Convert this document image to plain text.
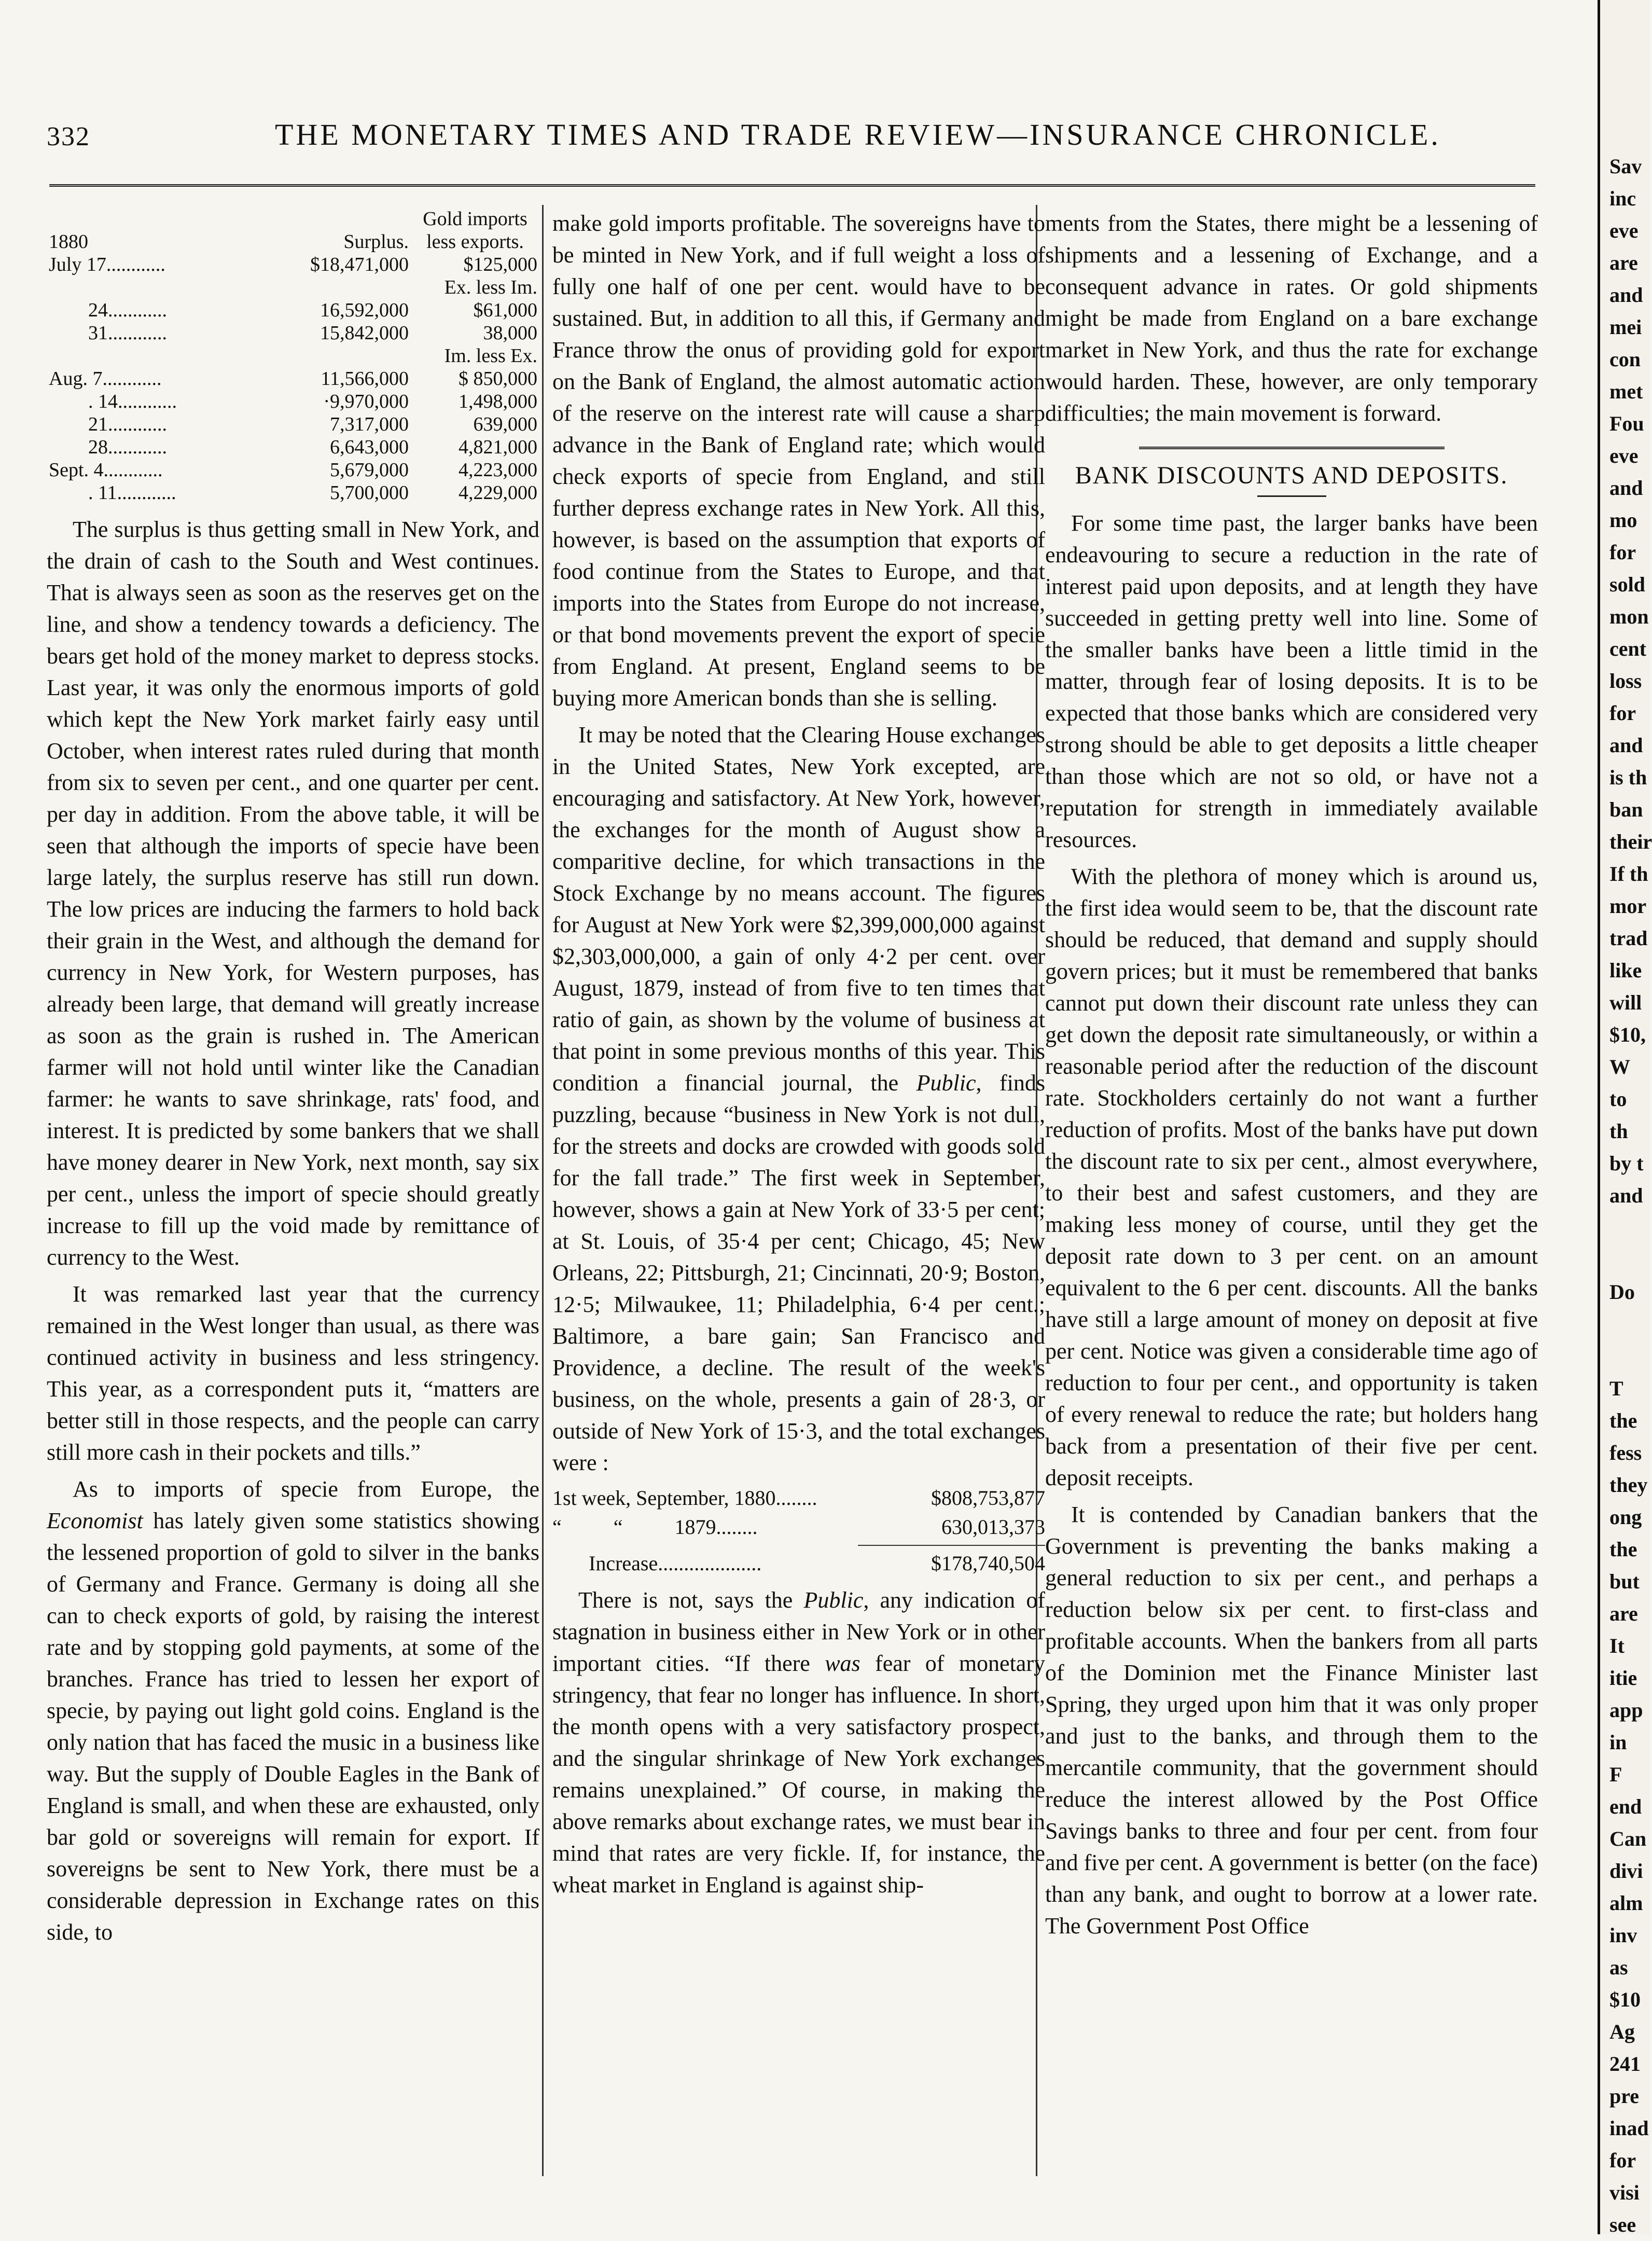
332	THE MONETARY TIMES AND TRADE REVIEW—INSURANCE CHRONICLE.
1880	Surplus.	Gold imports less exports.
July 17............	$18,471,000	$125,000
		Ex. less Im.
24............	16,592,000	$61,000
31............	15,842,000	38,000
		Im. less Ex.
Aug. 7............	11,566,000	$ 850,000
. 14............	·9,970,000	1,498,000
21............	7,317,000	639,000
28............	6,643,000	4,821,000
Sept. 4............	5,679,000	4,223,000
. 11............	5,700,000	4,229,000

The surplus is thus getting small in New York, and the drain of cash to the South and West continues. That is always seen as soon as the reserves get on the line, and show a tendency towards a deficiency. The bears get hold of the money market to depress stocks. Last year, it was only the enormous imports of gold which kept the New York market fairly easy until October, when interest rates ruled during that month from six to seven per cent., and one quarter per cent. per day in addition. From the above table, it will be seen that although the imports of specie have been large lately, the surplus reserve has still run down. The low prices are inducing the farmers to hold back their grain in the West, and although the demand for currency in New York, for Western purposes, has already been large, that demand will greatly increase as soon as the grain is rushed in. The American farmer will not hold until winter like the Canadian farmer: he wants to save shrinkage, rats' food, and interest. It is predicted by some bankers that we shall have money dearer in New York, next month, say six per cent., unless the import of specie should greatly increase to fill up the void made by remittance of currency to the West.

It was remarked last year that the currency remained in the West longer than usual, as there was continued activity in business and less stringency. This year, as a correspondent puts it, “matters are better still in those respects, and the people can carry still more cash in their pockets and tills.”

As to imports of specie from Europe, the Economist has lately given some statistics showing the lessened proportion of gold to silver in the banks of Germany and France. Germany is doing all she can to check exports of gold, by raising the interest rate and by stopping gold payments, at some of the branches. France has tried to lessen her export of specie, by paying out light gold coins. England is the only nation that has faced the music in a business like way. But the supply of Double Eagles in the Bank of England is small, and when these are exhausted, only bar gold or sovereigns will remain for export. If sovereigns be sent to New York, there must be a considerable depression in Exchange rates on this side, to

make gold imports profitable. The sovereigns have to be minted in New York, and if full weight a loss of fully one half of one per cent. would have to be sustained. But, in addition to all this, if Germany and France throw the onus of providing gold for export on the Bank of England, the almost automatic action of the reserve on the interest rate will cause a sharp advance in the Bank of England rate; which would check exports of specie from England, and still further depress exchange rates in New York. All this, however, is based on the assumption that exports of food continue from the States to Europe, and that imports into the States from Europe do not increase, or that bond movements prevent the export of specie from England. At present, England seems to be buying more American bonds than she is selling.

It may be noted that the Clearing House exchanges in the United States, New York excepted, are encouraging and satisfactory. At New York, however, the exchanges for the month of August show a comparitive decline, for which transactions in the Stock Exchange by no means account. The figures for August at New York were $2,399,000,000 against $2,303,000,000, a gain of only 4·2 per cent. over August, 1879, instead of from five to ten times that ratio of gain, as shown by the volume of business at that point in some previous months of this year. This condition a financial journal, the Public, finds puzzling, because “business in New York is not dull, for the streets and docks are crowded with goods sold for the fall trade.” The first week in September, however, shows a gain at New York of 33·5 per cent; at St. Louis, of 35·4 per cent; Chicago, 45; New Orleans, 22; Pittsburgh, 21; Cincinnati, 20·9; Boston, 12·5; Milwaukee, 11; Philadelphia, 6·4 per cent.; Baltimore, a bare gain; San Francisco and Providence, a decline. The result of the week's business, on the whole, presents a gain of 28·3, or outside of New York of 15·3, and the total exchanges were :

1st week, September, 1880........	$808,753,877
“          “          1879........	630,013,373
Increase....................	$178,740,504

There is not, says the Public, any indication of stagnation in business either in New York or in other important cities. “If there was fear of monetary stringency, that fear no longer has influence. In short, the month opens with a very satisfactory prospect, and the singular shrinkage of New York exchanges remains unexplained.” Of course, in making the above remarks about exchange rates, we must bear in mind that rates are very fickle. If, for instance, the wheat market in England is against ship-

ments from the States, there might be a lessening of shipments and a lessening of Exchange, and a consequent advance in rates. Or gold shipments might be made from England on a bare exchange market in New York, and thus the rate for exchange would harden. These, however, are only temporary difficulties; the main movement is forward.

BANK DISCOUNTS AND DEPOSITS.

For some time past, the larger banks have been endeavouring to secure a reduction in the rate of interest paid upon deposits, and at length they have succeeded in getting pretty well into line. Some of the smaller banks have been a little timid in the matter, through fear of losing deposits. It is to be expected that those banks which are considered very strong should be able to get deposits a little cheaper than those which are not so old, or have not a reputation for strength in immediately available resources.

With the plethora of money which is around us, the first idea would seem to be, that the discount rate should be reduced, that demand and supply should govern prices; but it must be remembered that banks cannot put down their discount rate unless they can get down the deposit rate simultaneously, or within a reasonable period after the reduction of the discount rate. Stockholders certainly do not want a further reduction of profits. Most of the banks have put down the discount rate to six per cent., almost everywhere, to their best and safest customers, and they are making less money of course, until they get the deposit rate down to 3 per cent. on an amount equivalent to the 6 per cent. discounts. All the banks have still a large amount of money on deposit at five per cent. Notice was given a considerable time ago of reduction to four per cent., and opportunity is taken of every renewal to reduce the rate; but holders hang back from a presentation of their five per cent. deposit receipts.

It is contended by Canadian bankers that the Government is preventing the banks making a general reduction to six per cent., and perhaps a reduction below six per cent. to first-class and profitable accounts. When the bankers from all parts of the Dominion met the Finance Minister last Spring, they urged upon him that it was only proper and just to the banks, and through them to the mercantile community, that the government should reduce the interest allowed by the Post Office Savings banks to three and four per cent. from four and five per cent. A government is better (on the face) than any bank, and ought to borrow at a lower rate. The Government Post Office

Sav
inc
eve
are
and
mei
con
met
Fou
eve
and
mo
for
sold
mon
cent
loss
for
and
is th
ban
their
If th
mor
trad
like
will
$10,
W
to th
by t
and
Do
T
the
fess
they
ong
the
but
are
It
itie
app
in
F
end
Can
divi
alm
inv
as
$10
Ag
241
pre
inad
for
visi
see
